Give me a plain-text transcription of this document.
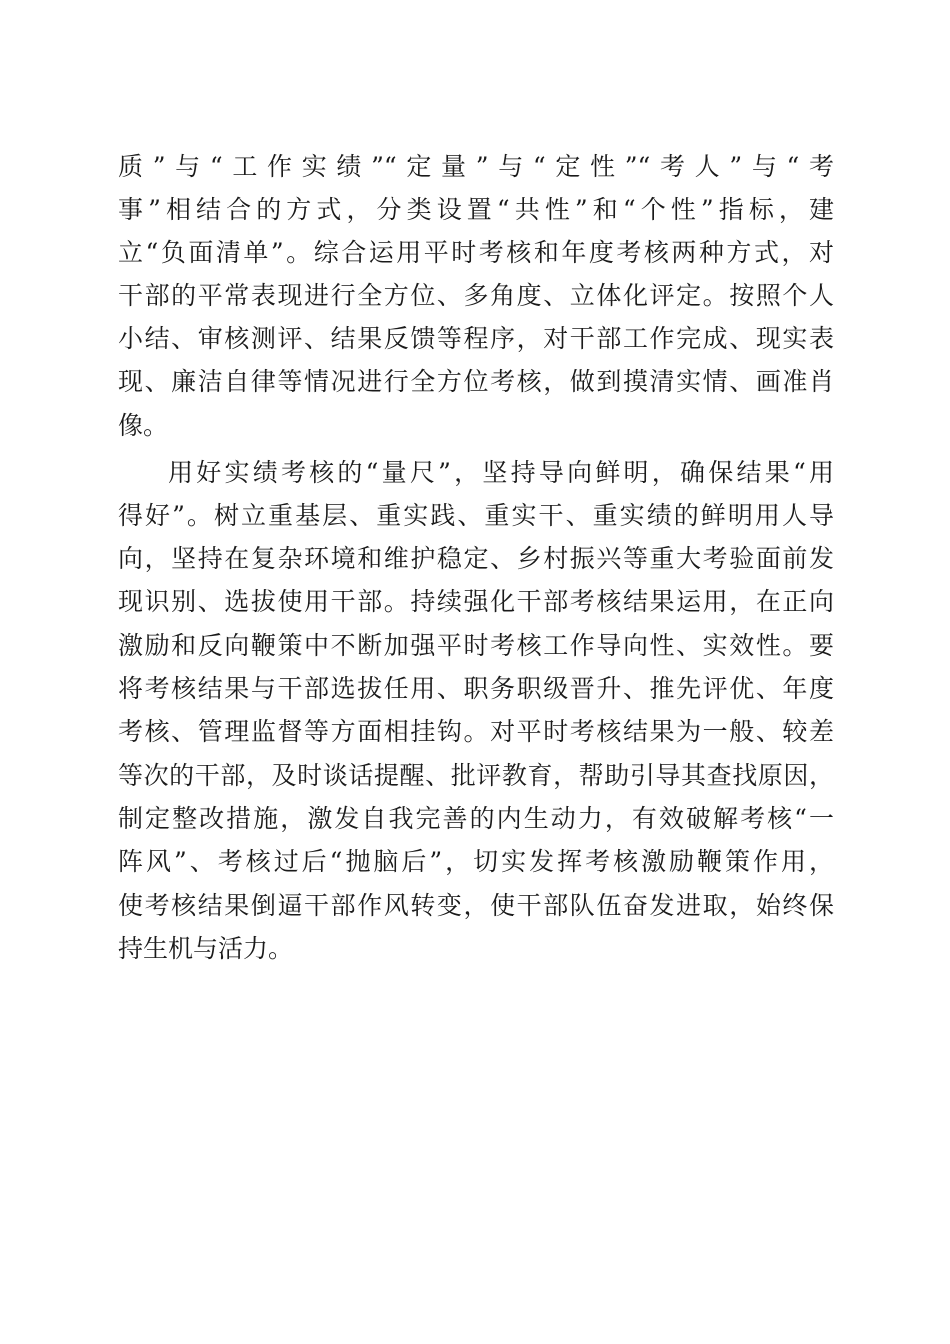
质”与“工作实绩”“定量”与“定性”“考人”与“考
事”相结合的方式，分类设置“共性”和“个性”指标，建
立“负面清单”。综合运用平时考核和年度考核两种方式，对
干部的平常表现进行全方位、多角度、立体化评定。按照个人
小结、审核测评、结果反馈等程序，对干部工作完成、现实表
现、廉洁自律等情况进行全方位考核，做到摸清实情、画准肖
像。
用好实绩考核的“量尺”，坚持导向鲜明，确保结果“用
得好”。树立重基层、重实践、重实干、重实绩的鲜明用人导
向，坚持在复杂环境和维护稳定、乡村振兴等重大考验面前发
现识别、选拔使用干部。持续强化干部考核结果运用，在正向
激励和反向鞭策中不断加强平时考核工作导向性、实效性。要
将考核结果与干部选拔任用、职务职级晋升、推先评优、年度
考核、管理监督等方面相挂钩。对平时考核结果为一般、较差
等次的干部，及时谈话提醒、批评教育，帮助引导其查找原因，
制定整改措施，激发自我完善的内生动力，有效破解考核“一
阵风”、考核过后“抛脑后”，切实发挥考核激励鞭策作用，
使考核结果倒逼干部作风转变，使干部队伍奋发进取，始终保
持生机与活力。
